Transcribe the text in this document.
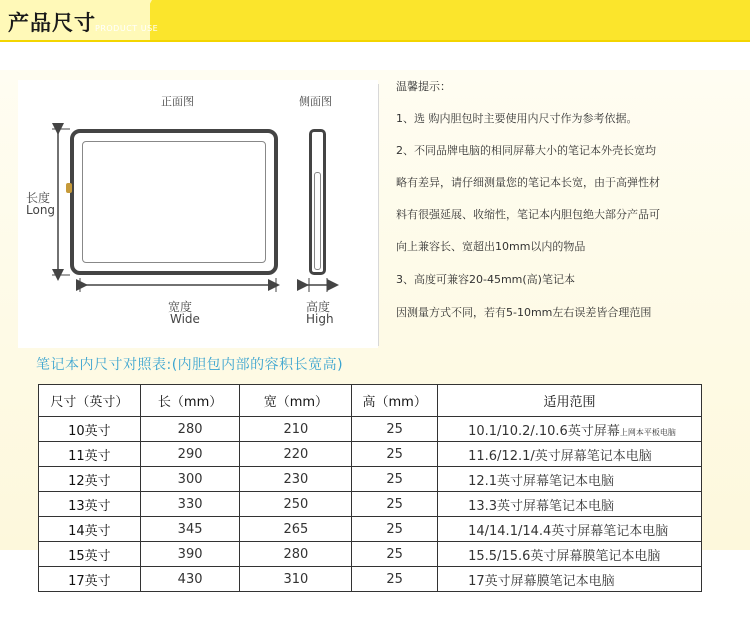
产品尺寸 PRODUCT USE
正面图	侧面图
长度
Long
宽度
Wide
高度
High
温馨提示：
1、选 购内胆包时主要使用内尺寸作为参考依据。
2、不同品牌电脑的相同屏幕大小的笔记本外壳长宽均
略有差异，请仔细测量您的笔记本长宽，由于高弹性材
料有很强延展、收缩性，笔记本内胆包绝大部分产品可
向上兼容长、宽超出10mm以内的物品
3、高度可兼容20-45mm(高)笔记本
因测量方式不同，若有5-10mm左右误差皆合理范围
笔记本内尺寸对照表:(内胆包内部的容积长宽高)
尺寸（英寸）	长（mm）	宽（mm）	高（mm）	适用范围
10英寸	280	210	25	10.1/10.2/.10.6英寸屏幕上网本平板电脑
11英寸	290	220	25	11.6/12.1/英寸屏幕笔记本电脑
12英寸	300	230	25	12.1英寸屏幕笔记本电脑
13英寸	330	250	25	13.3英寸屏幕笔记本电脑
14英寸	345	265	25	14/14.1/14.4英寸屏幕笔记本电脑
15英寸	390	280	25	15.5/15.6英寸屏幕膜笔记本电脑
17英寸	430	310	25	17英寸屏幕膜笔记本电脑
